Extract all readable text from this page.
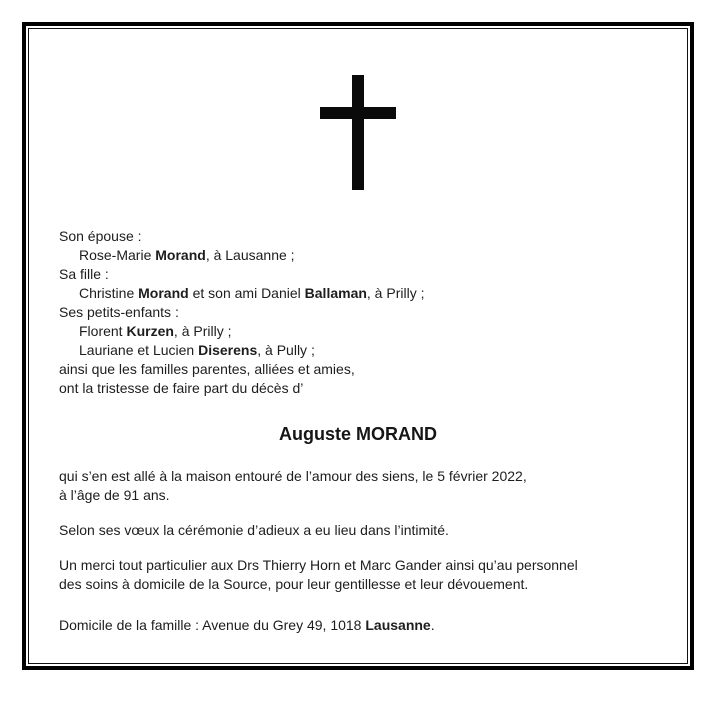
Son épouse :
Rose-Marie Morand, à Lausanne ;
Sa fille :
Christine Morand et son ami Daniel Ballaman, à Prilly ;
Ses petits-enfants :
Florent Kurzen, à Prilly ;
Lauriane et Lucien Diserens, à Pully ;
ainsi que les familles parentes, alliées et amies,
ont la tristesse de faire part du décès d’
Auguste MORAND
qui s’en est allé à la maison entouré de l’amour des siens, le 5 février 2022,
à l’âge de 91 ans.
Selon ses vœux la cérémonie d’adieux a eu lieu dans l’intimité.
Un merci tout particulier aux Drs Thierry Horn et Marc Gander ainsi qu’au personnel
des soins à domicile de la Source, pour leur gentillesse et leur dévouement.
Domicile de la famille : Avenue du Grey 49, 1018 Lausanne.
